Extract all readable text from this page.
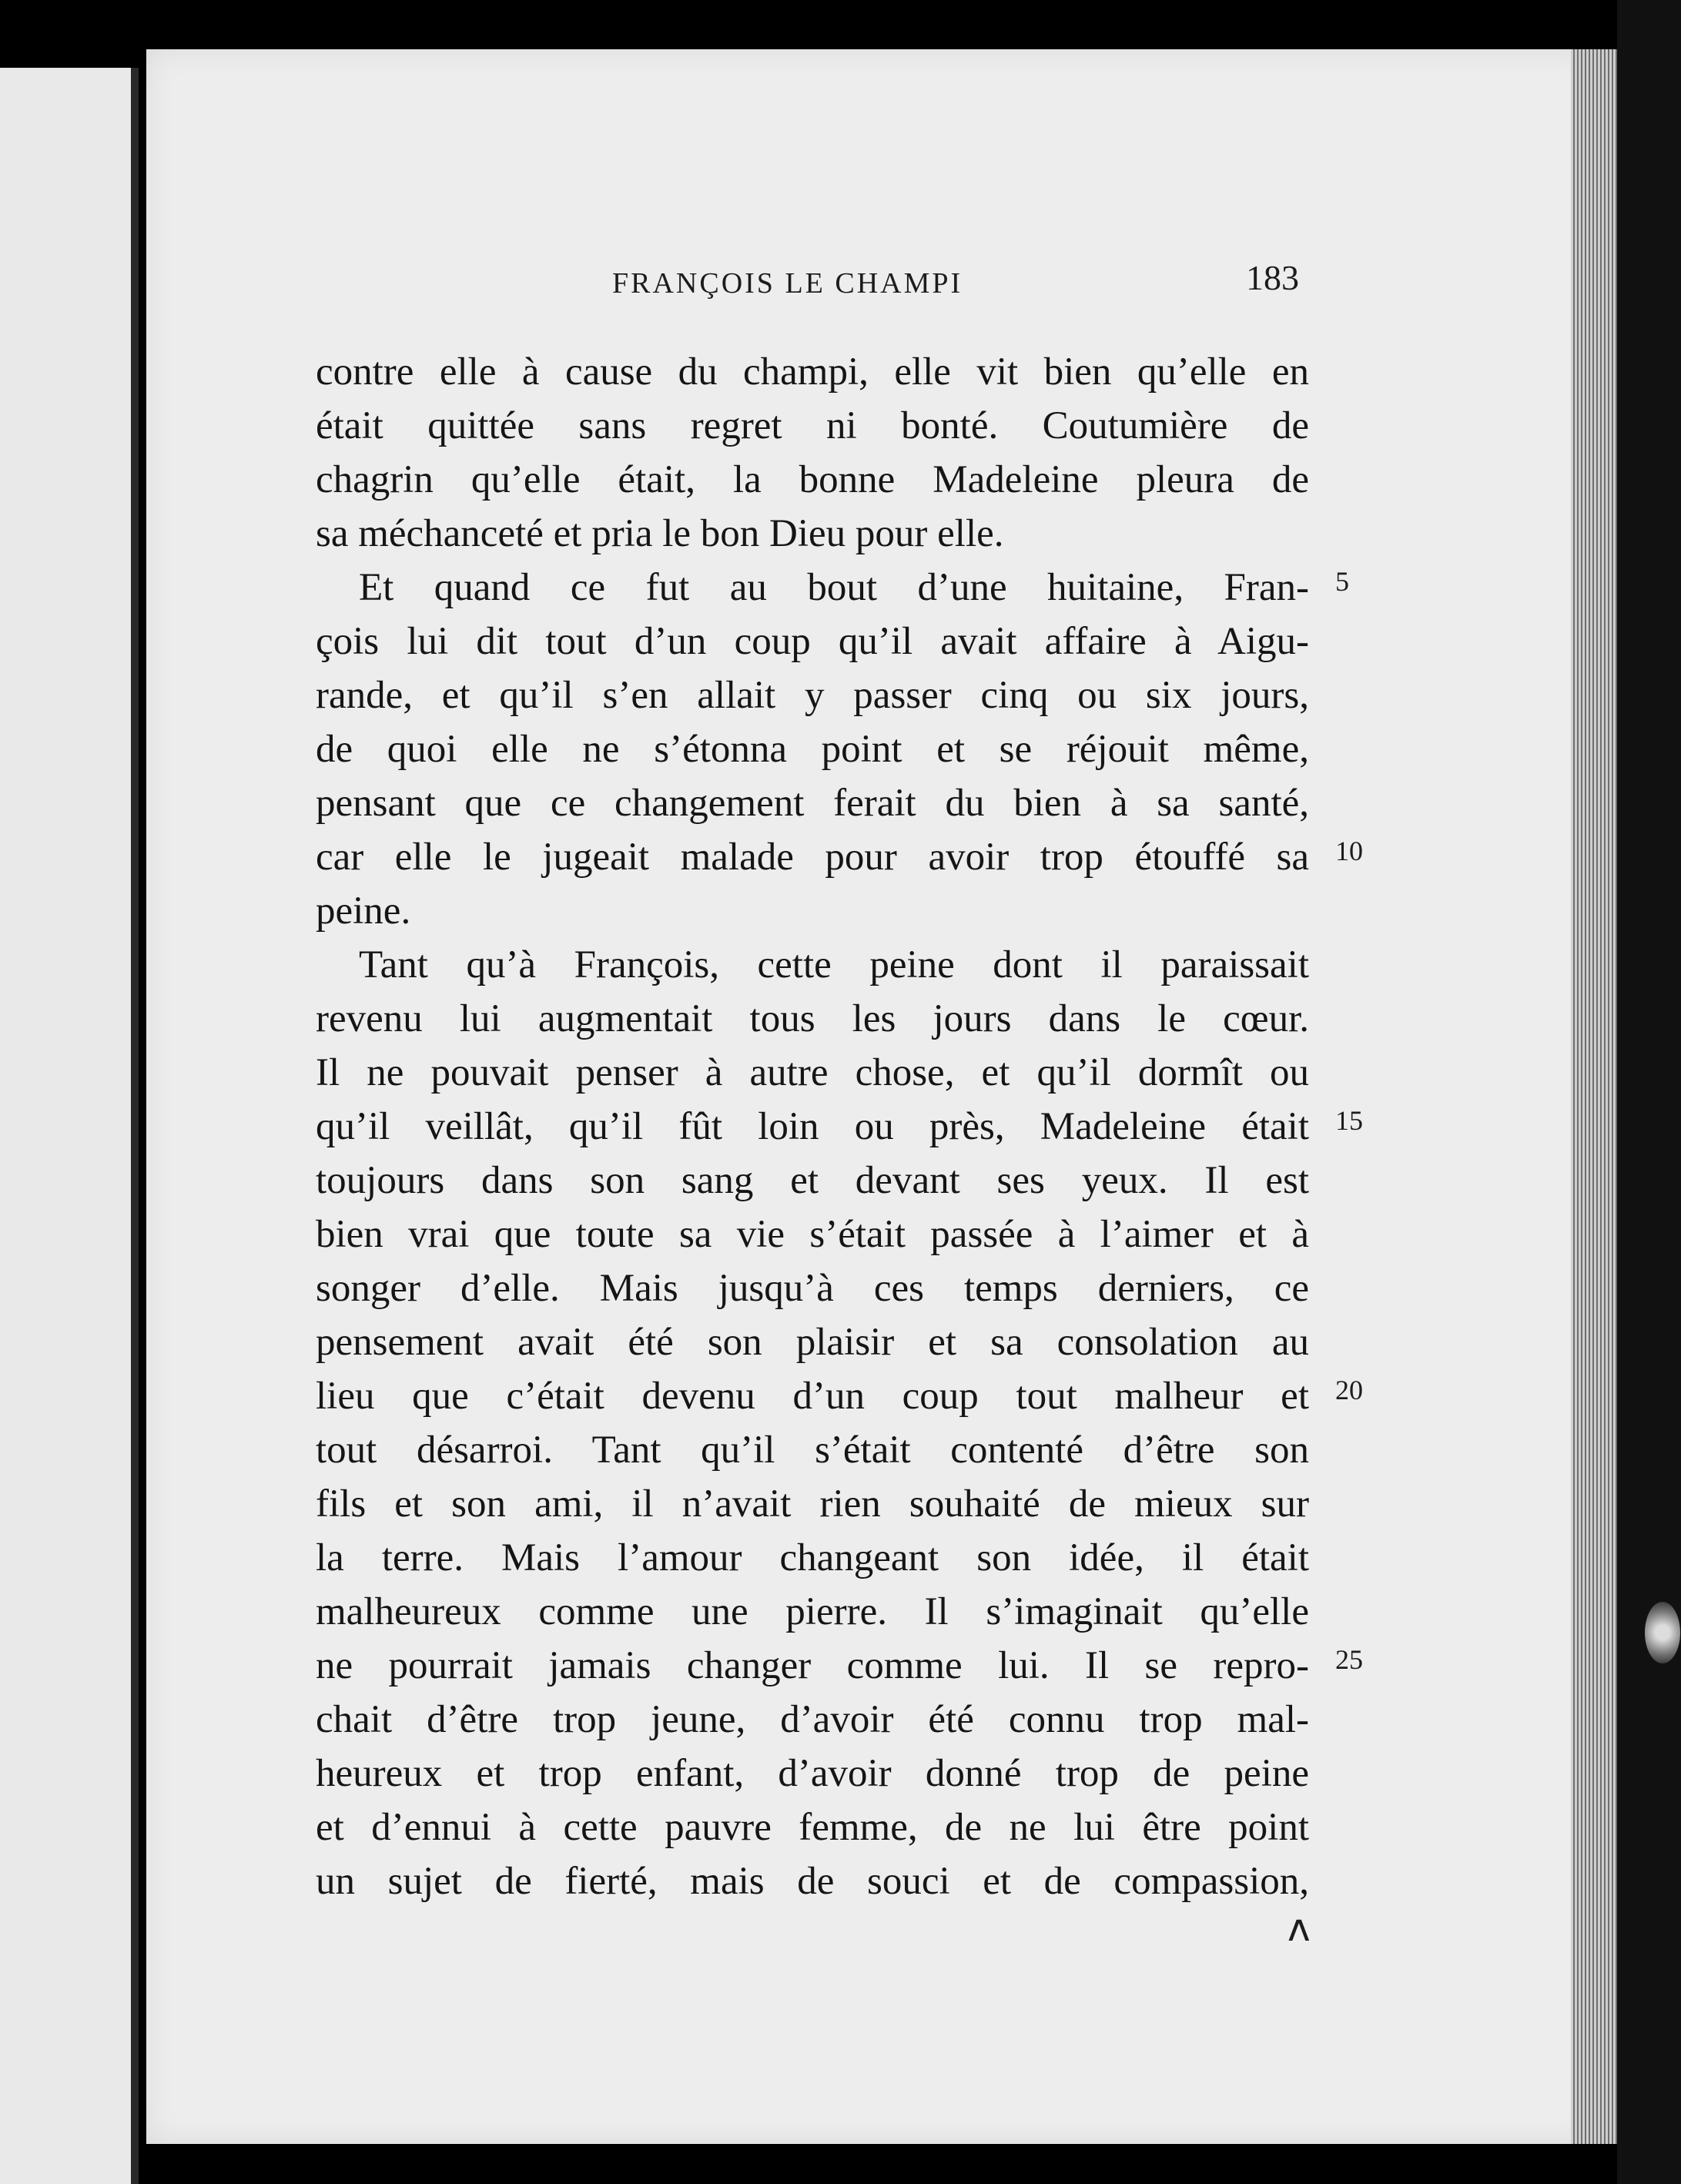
FRANÇOIS LE CHAMPI	183
contre elle à cause du champi, elle vit bien qu’elle en
était quittée sans regret ni bonté. Coutumière de
chagrin qu’elle était, la bonne Madeleine pleura de
sa méchanceté et pria le bon Dieu pour elle.
Et quand ce fut au bout d’une huitaine, Fran-
çois lui dit tout d’un coup qu’il avait affaire à Aigu-
rande, et qu’il s’en allait y passer cinq ou six jours,
de quoi elle ne s’étonna point et se réjouit même,
pensant que ce changement ferait du bien à sa santé,
car elle le jugeait malade pour avoir trop étouffé sa
peine.
Tant qu’à François, cette peine dont il paraissait
revenu lui augmentait tous les jours dans le cœur.
Il ne pouvait penser à autre chose, et qu’il dormît ou
qu’il veillât, qu’il fût loin ou près, Madeleine était
toujours dans son sang et devant ses yeux. Il est
bien vrai que toute sa vie s’était passée à l’aimer et à
songer d’elle. Mais jusqu’à ces temps derniers, ce
pensement avait été son plaisir et sa consolation au
lieu que c’était devenu d’un coup tout malheur et
tout désarroi. Tant qu’il s’était contenté d’être son
fils et son ami, il n’avait rien souhaité de mieux sur
la terre. Mais l’amour changeant son idée, il était
malheureux comme une pierre. Il s’imaginait qu’elle
ne pourrait jamais changer comme lui. Il se repro-
chait d’être trop jeune, d’avoir été connu trop mal-
heureux et trop enfant, d’avoir donné trop de peine
et d’ennui à cette pauvre femme, de ne lui être point
un sujet de fierté, mais de souci et de compassion,
5
10
15
20
25
ʌ
